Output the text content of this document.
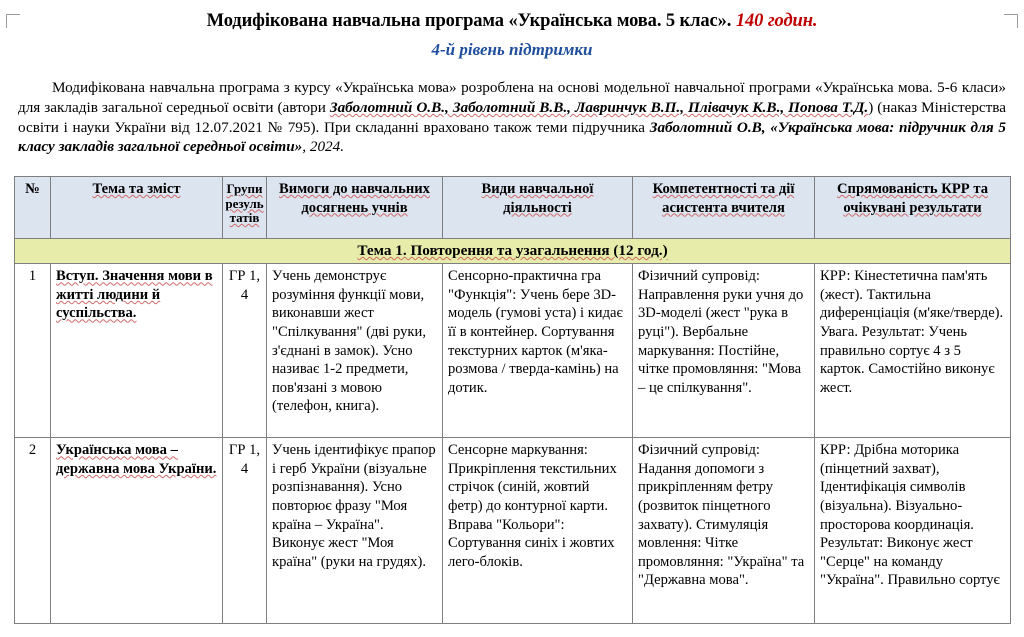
Модифікована навчальна програма «Українська мова. 5 клас». 140 годин.
4-й рівень підтримки

Модифікована навчальна програма з курсу «Українська мова» розроблена на основі модельної навчальної програми «Українська мова. 5-6 класи» для закладів загальної середньої освіти (автори Заболотний О.В., Заболотний В.В., Лавринчук В.П., Плівачук К.В., Попова Т.Д.) (наказ Міністерства освіти і науки України від 12.07.2021 № 795). При складанні враховано також теми підручника Заболотний О.В, «Українська мова: підручник для 5 класу закладів загальної середньої освіти», 2024.

№	Тема та зміст	Групи
резуль
татів	Вимоги до навчальних досягнень учнів	Види навчальної діяльності	Компетентності та дії асистента вчителя	Спрямованість КРР та очікувані результати
Тема 1. Повторення та узагальнення (12 год.)						
1	Вступ. Значення мови в житті людини й суспільства.	ГР 1, 4	Учень демонструє розуміння функції мови, виконавши жест "Спілкування" (дві руки, з'єднані в замок). Усно називає 1-2 предмети, пов'язані з мовою (телефон, книга).	Сенсорно-практична гра "Функція": Учень бере 3D-модель (гумові уста) і кидає її в контейнер. Сортування текстурних карток (м'яка-розмова / тверда-камінь) на дотик.	Фізичний супровід: Направлення руки учня до 3D-моделі (жест "рука в руці"). Вербальне маркування: Постійне, чітке промовляння: "Мова – це спілкування".	КРР: Кінестетична пам'ять (жест). Тактильна диференціація (м'яке/тверде). Увага. Результат: Учень правильно сортує 4 з 5 карток. Самостійно виконує жест.
2	Українська мова – державна мова України.	ГР 1, 4	Учень ідентифікує прапор і герб України (візуальне розпізнавання). Усно повторює фразу "Моя країна – Україна". Виконує жест "Моя країна" (руки на грудях).	Сенсорне маркування: Прикріплення текстильних стрічок (синій, жовтий фетр) до контурної карти. Вправа "Кольори": Сортування синіх і жовтих лего-блоків.	Фізичний супровід: Надання допомоги з прикріпленням фетру (розвиток пінцетного захвату). Стимуляція мовлення: Чітке промовляння: "Україна" та "Державна мова".	КРР: Дрібна моторика (пінцетний захват), Ідентифікація символів (візуальна). Візуально-просторова координація. Результат: Виконує жест "Серце" на команду "Україна". Правильно сортує
